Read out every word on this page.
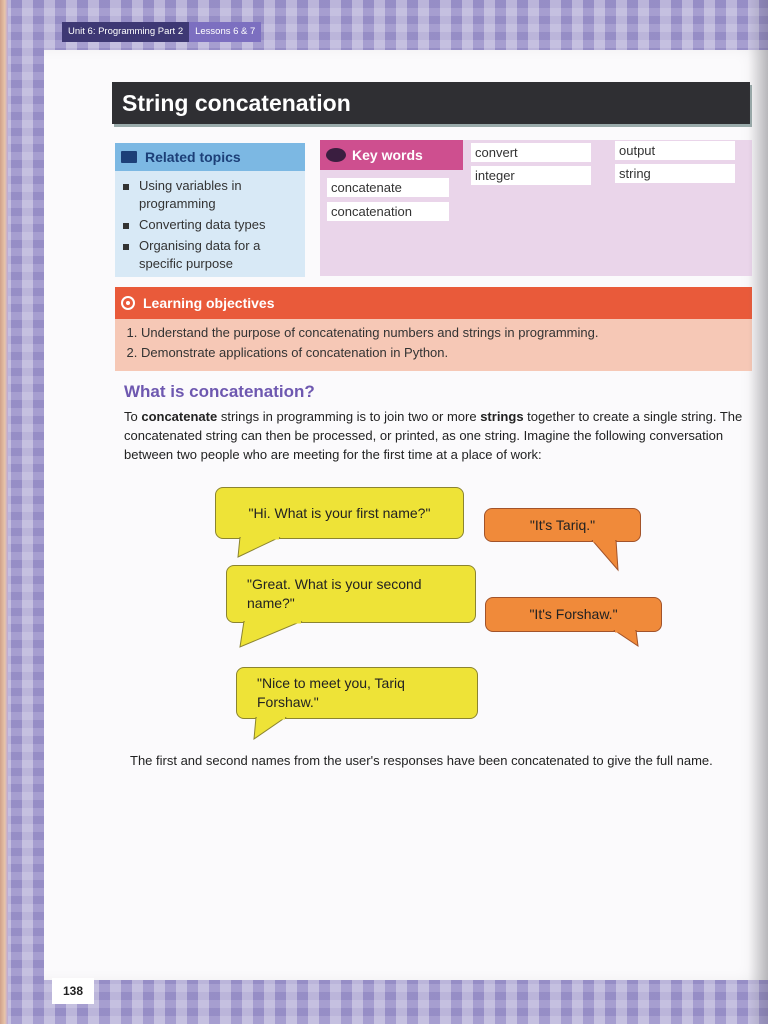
Unit 6: Programming Part 2	Lessons 6 & 7
String concatenation
Related topics
Using variables in programming
Converting data types
Organising data for a specific purpose
Key words
concatenate
concatenation
convert
integer
output
string
Learning objectives
1. Understand the purpose of concatenating numbers and strings in programming.
2. Demonstrate applications of concatenation in Python.
What is concatenation?
To concatenate strings in programming is to join two or more strings together to create a single string. The concatenated string can then be processed, or printed, as one string. Imagine the following conversation between two people who are meeting for the first time at a place of work:
"Hi. What is your first name?"
"It's Tariq."
"Great. What is your second name?"
"It's Forshaw."
"Nice to meet you, Tariq Forshaw."
The first and second names from the user's responses have been concatenated to give the full name.
138
